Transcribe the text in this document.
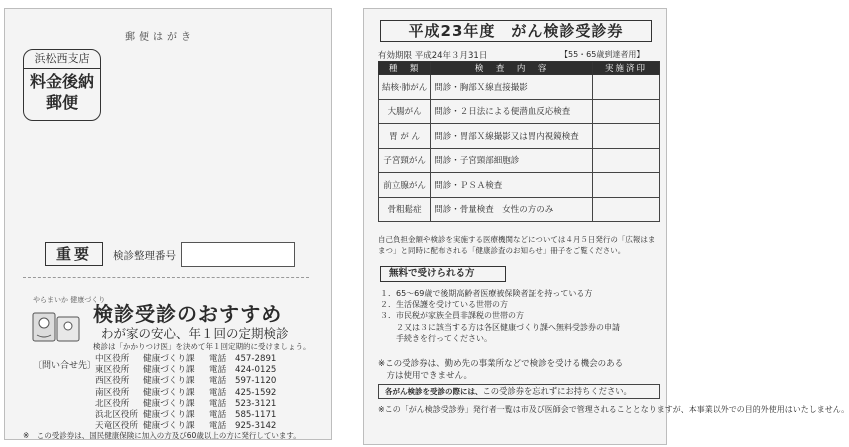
郵便はがき
浜松西支店
料金後納
郵便
重要	検診整理番号
やらまいか 健康づくり
検診受診のおすすめ
わが家の安心、年１回の定期検診
検診は「かかりつけ医」を決めて年１回定期的に受けましょう。
〔問い合せ先〕
中区役所 健康づくり課 電話 457-2891
東区役所 健康づくり課 電話 424-0125
西区役所 健康づくり課 電話 597-1120
南区役所 健康づくり課 電話 425-1592
北区役所 健康づくり課 電話 523-3121
浜北区役所 健康づくり課 電話 585-1171
天竜区役所 健康づくり課 電話 925-3142
※　この受診券は、国民健康保険に加入の方及び60歳以上の方に発行しています。
平成23年度　がん検診受診券
有効期限 平成24年３月31日	【55・65歳到達者用】
種　類	検　査　内　容	実施済印
結核·肺がん	問診・胸部Ｘ線直接撮影	
大腸がん	問診・２日法による便潜血反応検査	
胃 が ん	問診・胃部Ｘ線撮影又は胃内視鏡検査	
子宮頸がん	問診・子宮頸部細胞診	
前立腺がん	問診・ＰＳＡ検査	
骨粗鬆症	問診・骨量検査　 女性の方のみ	
自己負担金額や検診を実施する医療機関などについては４月５日発行の「広報はままつ」と同時に配布される「健康診査のお知らせ」冊子をご覧ください。
無料で受けられる方
１．65～69歳で後期高齢者医療被保険者証を持っている方
２．生活保護を受けている世帯の方
３．市民税が家族全員非課税の世帯の方
　　２又は３に該当する方は各区健康づくり課へ無料受診券の申請
　　手続きを行ってください。
※この受診券は、勤め先の事業所などで検診を受ける機会のある
　方は使用できません。
各がん検診を受診の際には、この受診券を忘れずにお持ちください。
※この「がん検診受診券」発行者一覧は市及び医師会で管理されることとなりますが、本事業以外での目的外使用はいたしません。
